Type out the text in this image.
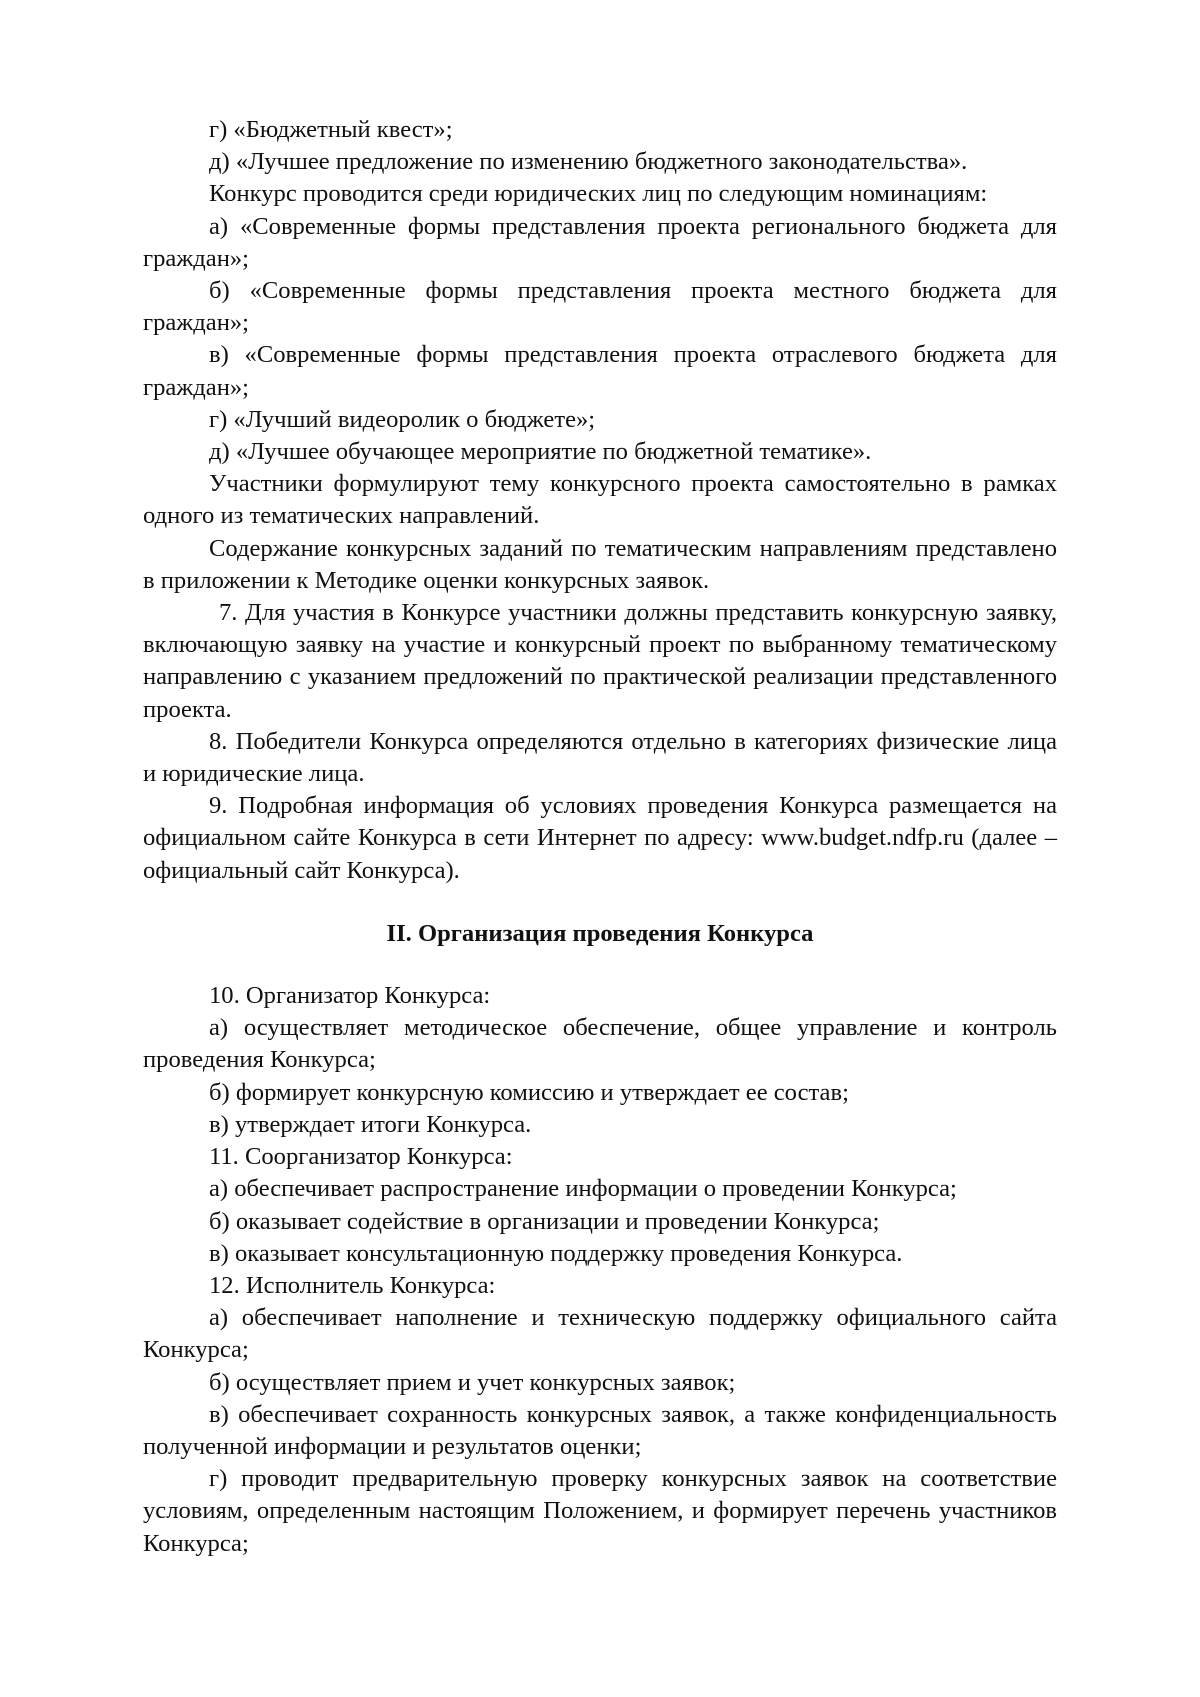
г) «Бюджетный квест»;

д) «Лучшее предложение по изменению бюджетного законодательства».

Конкурс проводится среди юридических лиц по следующим номинациям:

а) «Современные формы представления проекта регионального бюджета для граждан»;

б) «Современные формы представления проекта местного бюджета для граждан»;

в) «Современные формы представления проекта отраслевого бюджета для граждан»;

г) «Лучший видеоролик о бюджете»;

д) «Лучшее обучающее мероприятие по бюджетной тематике».

Участники формулируют тему конкурсного проекта самостоятельно в рамках одного из тематических направлений.

Содержание конкурсных заданий по тематическим направлениям представлено в приложении к Методике оценки конкурсных заявок.

7. Для участия в Конкурсе участники должны представить конкурсную заявку, включающую заявку на участие и конкурсный проект по выбранному тематическому направлению с указанием предложений по практической реализации представленного проекта.

8. Победители Конкурса определяются отдельно в категориях физические лица и юридические лица.

9. Подробная информация об условиях проведения Конкурса размещается на официальном сайте Конкурса в сети Интернет по адресу: www.budget.ndfp.ru (далее – официальный сайт Конкурса).

II. Организация проведения Конкурса

10. Организатор Конкурса:

а) осуществляет методическое обеспечение, общее управление и контроль проведения Конкурса;

б) формирует конкурсную комиссию и утверждает ее состав;

в) утверждает итоги Конкурса.

11. Соорганизатор Конкурса:

а) обеспечивает распространение информации о проведении Конкурса;

б) оказывает содействие в организации и проведении Конкурса;

в) оказывает консультационную поддержку проведения Конкурса.

12. Исполнитель Конкурса:

а) обеспечивает наполнение и техническую поддержку официального сайта Конкурса;

б) осуществляет прием и учет конкурсных заявок;

в) обеспечивает сохранность конкурсных заявок, а также конфиденциальность полученной информации и результатов оценки;

г) проводит предварительную проверку конкурсных заявок на соответствие условиям, определенным настоящим Положением, и формирует перечень участников Конкурса;
